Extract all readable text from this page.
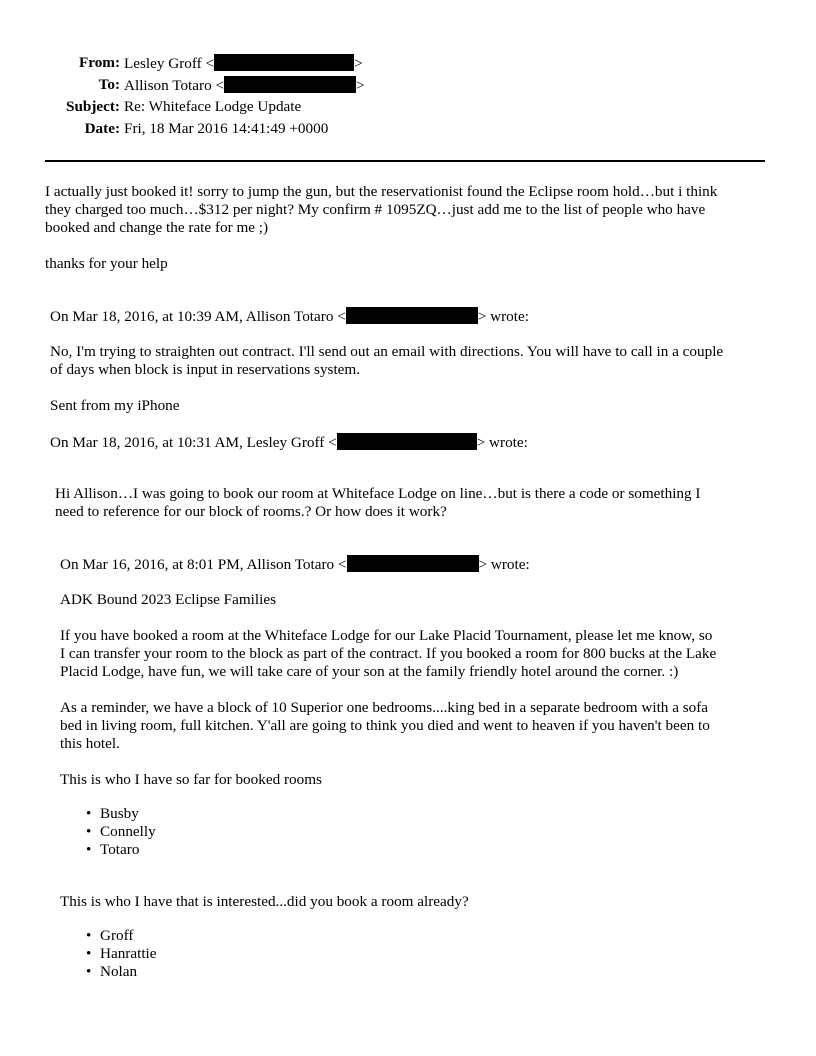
From: Lesley Groff <	>
To: Allison Totaro <	>
Subject: Re: Whiteface Lodge Update
Date: Fri, 18 Mar 2016 14:41:49 +0000
I actually just booked it! sorry to jump the gun, but the reservationist found the Eclipse room hold…but i think
they charged too much…$312 per night? My confirm # 1095ZQ…just add me to the list of people who have
booked and change the rate for me ;)
thanks for your help
On Mar 18, 2016, at 10:39 AM, Allison Totaro <	> wrote:
No, I'm trying to straighten out contract. I'll send out an email with directions. You will have to call in a couple
of days when block is input in reservations system.
Sent from my iPhone
On Mar 18, 2016, at 10:31 AM, Lesley Groff <	> wrote:
Hi Allison…I was going to book our room at Whiteface Lodge on line…but is there a code or something I
need to reference for our block of rooms.? Or how does it work?
On Mar 16, 2016, at 8:01 PM, Allison Totaro <	> wrote:
ADK Bound 2023 Eclipse Families
If you have booked a room at the Whiteface Lodge for our Lake Placid Tournament, please let me know, so
I can transfer your room to the block as part of the contract. If you booked a room for 800 bucks at the Lake
Placid Lodge, have fun, we will take care of your son at the family friendly hotel around the corner. :)
As a reminder, we have a block of 10 Superior one bedrooms....king bed in a separate bedroom with a sofa
bed in living room, full kitchen. Y'all are going to think you died and went to heaven if you haven't been to
this hotel.
This is who I have so far for booked rooms
• Busby
• Connelly
• Totaro
This is who I have that is interested...did you book a room already?
• Groff
• Hanrattie
• Nolan
